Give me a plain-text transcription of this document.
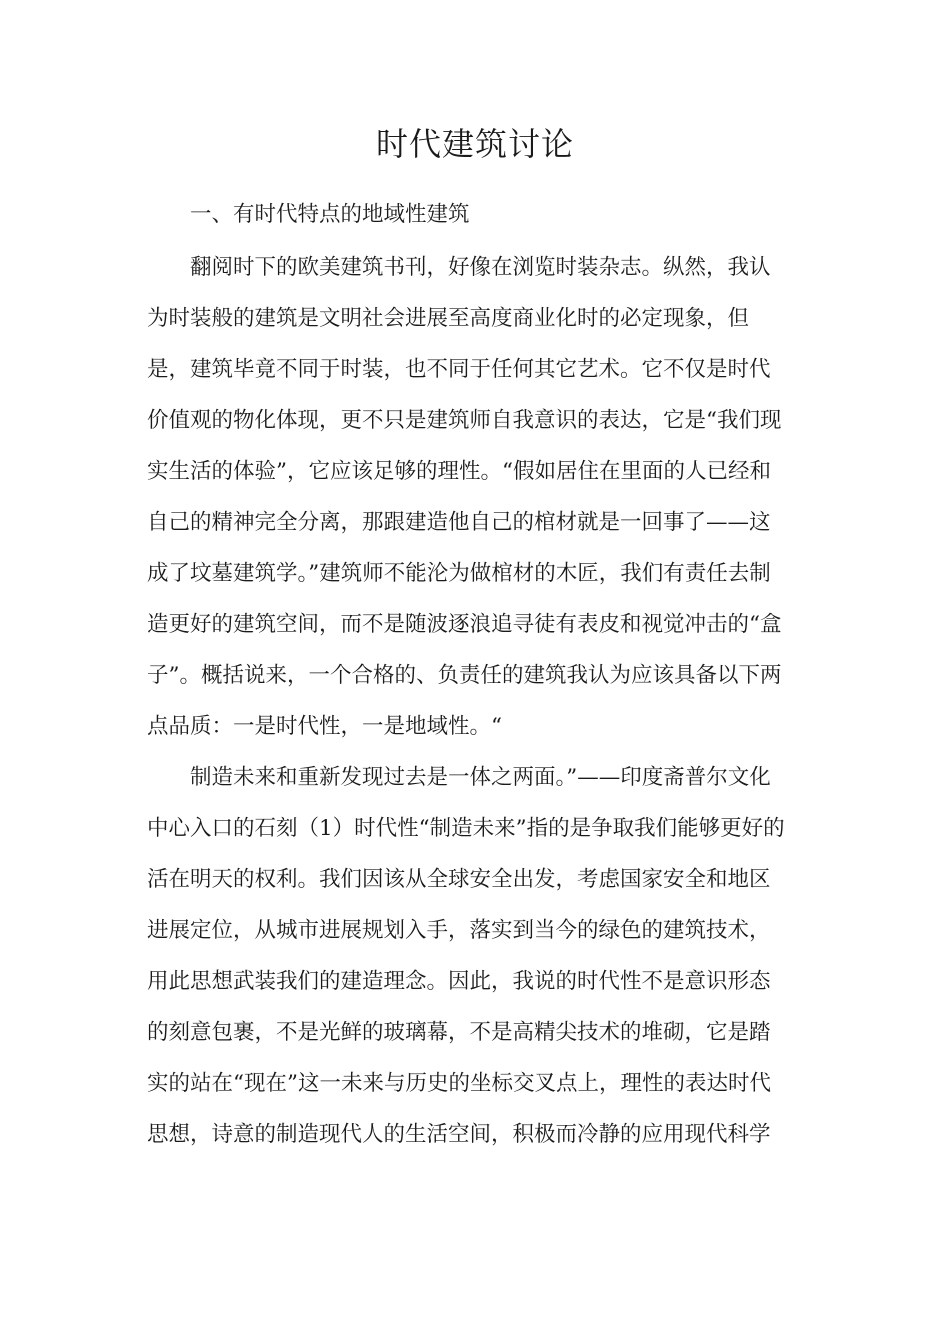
时代建筑讨论

一、有时代特点的地域性建筑

翻阅时下的欧美建筑书刊，好像在浏览时装杂志。纵然，我认

为时装般的建筑是文明社会进展至高度商业化时的必定现象，但

是，建筑毕竟不同于时装，也不同于任何其它艺术。它不仅是时代

价值观的物化体现，更不只是建筑师自我意识的表达，它是“我们现

实生活的体验”，它应该足够的理性。“假如居住在里面的人已经和

自己的精神完全分离，那跟建造他自己的棺材就是一回事了——这

成了坟墓建筑学。”建筑师不能沦为做棺材的木匠，我们有责任去制

造更好的建筑空间，而不是随波逐浪追寻徒有表皮和视觉冲击的“盒

子”。概括说来，一个合格的、负责任的建筑我认为应该具备以下两

点品质：一是时代性，一是地域性。“

制造未来和重新发现过去是一体之两面。”——印度斋普尔文化

中心入口的石刻（1）时代性“制造未来”指的是争取我们能够更好的

活在明天的权利。我们因该从全球安全出发，考虑国家安全和地区

进展定位，从城市进展规划入手，落实到当今的绿色的建筑技术，

用此思想武装我们的建造理念。因此，我说的时代性不是意识形态

的刻意包裹，不是光鲜的玻璃幕，不是高精尖技术的堆砌，它是踏

实的站在“现在”这一未来与历史的坐标交叉点上，理性的表达时代

思想，诗意的制造现代人的生活空间，积极而冷静的应用现代科学
